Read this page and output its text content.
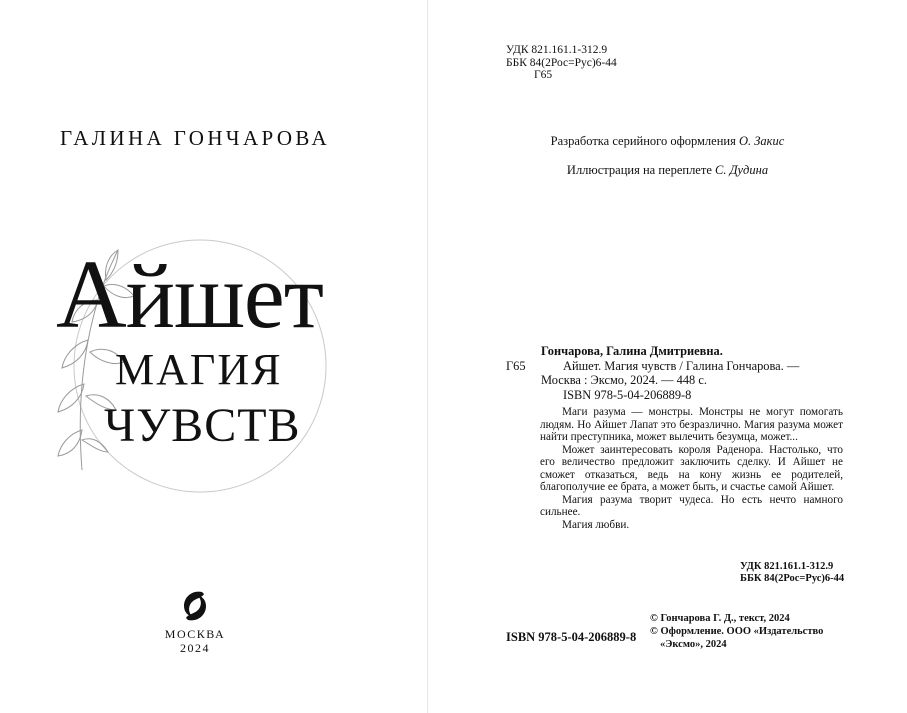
ГАЛИНА ГОНЧАРОВА
Айшет
МАГИЯ
ЧУВСТВ
МОСКВА
2024
УДК 821.161.1-312.9
ББК 84(2Рос=Рус)6-44
Г65
Разработка серийного оформления О. Закис
Иллюстрация на переплете С. Дудина
Гончарова, Галина Дмитриевна.
Айшет. Магия чувств / Галина Гончарова. —
Москва : Эксмо, 2024. — 448 с.
ISBN 978-5-04-206889-8
Г65

Маги разума — монстры. Монстры не могут помогать людям. Но Айшет Лапат это безразлично. Магия разума может найти преступника, может вылечить безумца, может...

Может заинтересовать короля Раденора. Настолько, что его величество предложит заключить сделку. И Айшет не сможет отказаться, ведь на кону жизнь ее родителей, благополучие ее брата, а может быть, и счастье самой Айшет.

Магия разума творит чудеса. Но есть нечто намного сильнее.

Магия любви.

УДК 821.161.1-312.9
ББК 84(2Рос=Рус)6-44
ISBN 978-5-04-206889-8
© Гончарова Г. Д., текст, 2024
© Оформление. ООО «Издательство
«Эксмо», 2024
